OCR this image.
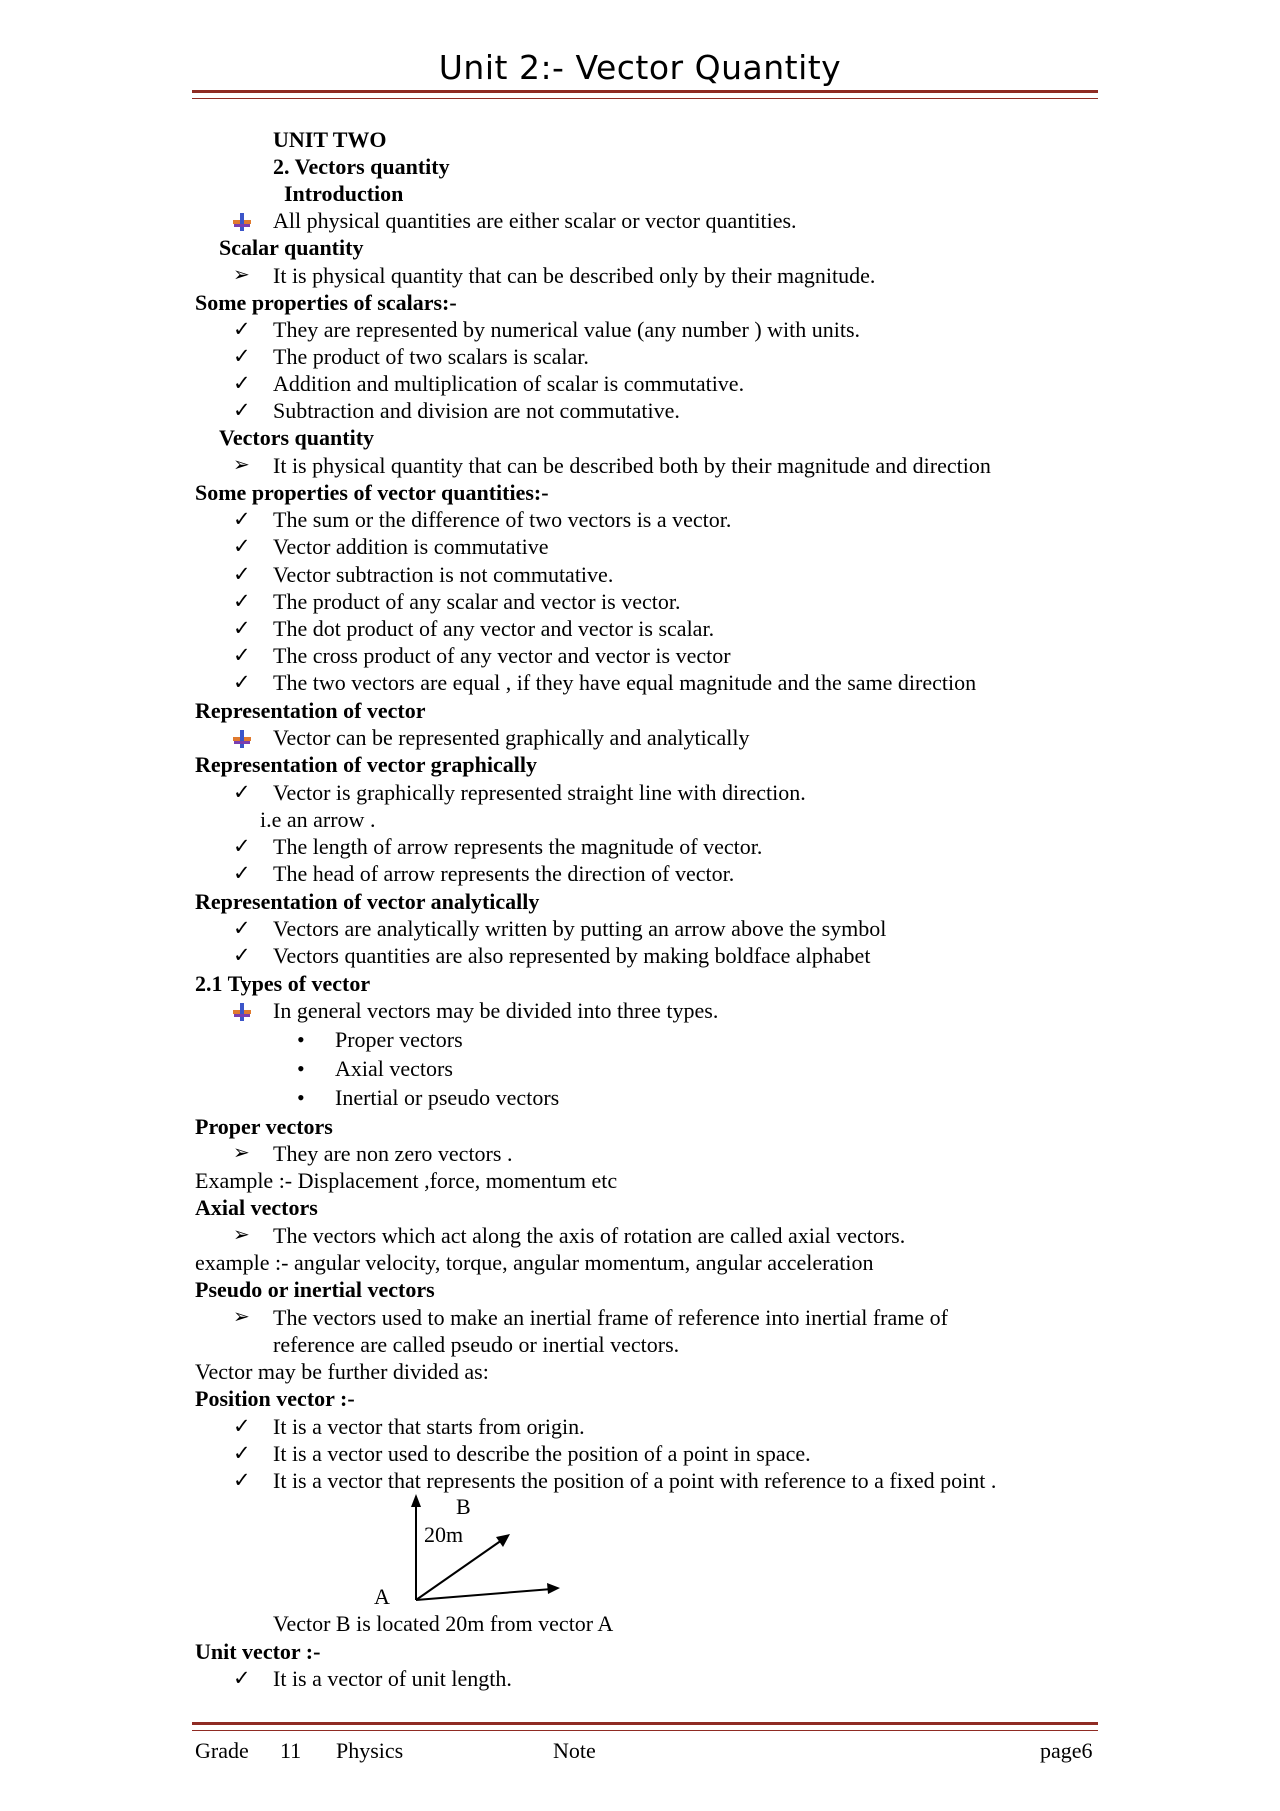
Unit 2:- Vector Quantity
UNIT TWO
2. Vectors quantity
Introduction
All physical quantities are either scalar or vector quantities.
Scalar quantity
➢ It is physical quantity that can be described only by their magnitude.
Some properties of scalars:-
✓ They are represented by numerical value (any number ) with units.
✓ The product of two scalars is scalar.
✓ Addition and multiplication of scalar is commutative.
✓ Subtraction and division are not commutative.
Vectors quantity
➢ It is physical quantity that can be described both by their magnitude and direction
Some properties of vector quantities:-
✓ The sum or the difference of two vectors is a vector.
✓ Vector addition is commutative
✓ Vector subtraction is not commutative.
✓ The product of any scalar and vector is vector.
✓ The dot product of any vector and vector is scalar.
✓ The cross product of any vector and vector is vector
✓ The two vectors are equal , if they have equal magnitude and the same direction
Representation of vector
Vector can be represented graphically and analytically
Representation of vector graphically
✓ Vector is graphically represented straight line with direction.
i.e an arrow .
✓ The length of arrow represents the magnitude of vector.
✓ The head of arrow represents the direction of vector.
Representation of vector analytically
✓ Vectors are analytically written by putting an arrow above the symbol
✓ Vectors quantities are also represented by making boldface alphabet
2.1 Types of vector
In general vectors may be divided into three types.
• Proper vectors
• Axial vectors
• Inertial or pseudo vectors
Proper vectors
➢ They are non zero vectors .
Example :- Displacement ,force, momentum etc
Axial vectors
➢ The vectors which act along the axis of rotation are called axial vectors.
example :- angular velocity, torque, angular momentum, angular acceleration
Pseudo or inertial vectors
➢ The vectors used to make an inertial frame of reference into inertial frame of
reference are called pseudo or inertial vectors.
Vector may be further divided as:
Position vector :-
✓ It is a vector that starts from origin.
✓ It is a vector used to describe the position of a point in space.
✓ It is a vector that represents the position of a point with reference to a fixed point .
Vector B is located 20m from vector A
Unit vector :-
✓ It is a vector of unit length.
B
20m
A
Grade 11 Physics	Note	page6
